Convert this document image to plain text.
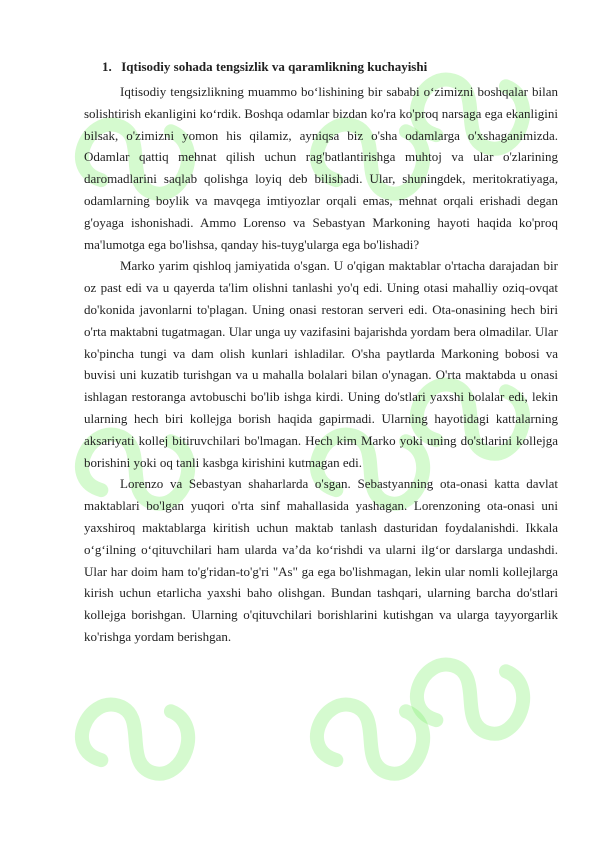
1. Iqtisodiy sohada tengsizlik va qaramlikning kuchayishi

Iqtisodiy tengsizlikning muammo bo‘lishining bir sababi o‘zimizni boshqalar bilan solishtirish ekanligini ko‘rdik. Boshqa odamlar bizdan ko'ra ko'proq narsaga ega ekanligini bilsak, o'zimizni yomon his qilamiz, ayniqsa biz o'sha odamlarga o'xshaganimizda. Odamlar qattiq mehnat qilish uchun rag'batlantirishga muhtoj va ular o'zlarining daromadlarini saqlab qolishga loyiq deb bilishadi. Ular, shuningdek, meritokratiyaga, odamlarning boylik va mavqega imtiyozlar orqali emas, mehnat orqali erishadi degan g'oyaga ishonishadi. Ammo Lorenso va Sebastyan Markoning hayoti haqida ko'proq ma'lumotga ega bo'lishsa, qanday his-tuyg'ularga ega bo'lishadi?

Marko yarim qishloq jamiyatida o'sgan. U o'qigan maktablar o'rtacha darajadan bir oz past edi va u qayerda ta'lim olishni tanlashi yo'q edi. Uning otasi mahalliy oziq-ovqat do'konida javonlarni to'plagan. Uning onasi restoran serveri edi. Ota-onasining hech biri o'rta maktabni tugatmagan. Ular unga uy vazifasini bajarishda yordam bera olmadilar. Ular ko'pincha tungi va dam olish kunlari ishladilar. O'sha paytlarda Markoning bobosi va buvisi uni kuzatib turishgan va u mahalla bolalari bilan o'ynagan. O'rta maktabda u onasi ishlagan restoranga avtobuschi bo'lib ishga kirdi. Uning do'stlari yaxshi bolalar edi, lekin ularning hech biri kollejga borish haqida gapirmadi. Ularning hayotidagi kattalarning aksariyati kollej bitiruvchilari bo'lmagan. Hech kim Marko yoki uning do'stlarini kollejga borishini yoki oq tanli kasbga kirishini kutmagan edi.

Lorenzo va Sebastyan shaharlarda o'sgan. Sebastyanning ota-onasi katta davlat maktablari bo'lgan yuqori o'rta sinf mahallasida yashagan. Lorenzoning ota-onasi uni yaxshiroq maktablarga kiritish uchun maktab tanlash dasturidan foydalanishdi. Ikkala o‘g‘ilning o‘qituvchilari ham ularda va’da ko‘rishdi va ularni ilg‘or darslarga undashdi. Ular har doim ham to'g'ridan-to'g'ri "As" ga ega bo'lishmagan, lekin ular nomli kollejlarga kirish uchun etarlicha yaxshi baho olishgan. Bundan tashqari, ularning barcha do'stlari kollejga borishgan. Ularning o'qituvchilari borishlarini kutishgan va ularga tayyorgarlik ko'rishga yordam berishgan.
